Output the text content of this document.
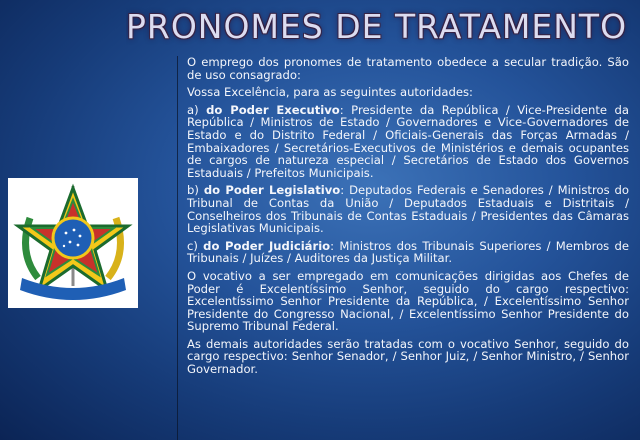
PRONOMES DE TRATAMENTO

O emprego dos pronomes de tratamento obedece a secular tradição. São de uso consagrado:

Vossa Excelência, para as seguintes autoridades:

a) do Poder Executivo: Presidente da República / Vice-Presidente da República / Ministros de Estado / Governadores e Vice-Governadores de Estado e do Distrito Federal / Oficiais-Generais das Forças Armadas / Embaixadores / Secretários-Executivos de Ministérios e demais ocupantes de cargos de natureza especial / Secretários de Estado dos Governos Estaduais / Prefeitos Municipais.

b) do Poder Legislativo: Deputados Federais e Senadores / Ministros do Tribunal de Contas da União / Deputados Estaduais e Distritais / Conselheiros dos Tribunais de Contas Estaduais / Presidentes das Câmaras Legislativas Municipais.

c) do Poder Judiciário: Ministros dos Tribunais Superiores / Membros de Tribunais / Juízes / Auditores da Justiça Militar.

O vocativo a ser empregado em comunicações dirigidas aos Chefes de Poder é Excelentíssimo Senhor, seguido do cargo respectivo: Excelentíssimo Senhor Presidente da República, / Excelentíssimo Senhor Presidente do Congresso Nacional, / Excelentíssimo Senhor Presidente do Supremo Tribunal Federal.

As demais autoridades serão tratadas com o vocativo Senhor, seguido do cargo respectivo: Senhor Senador, / Senhor Juiz, / Senhor Ministro, / Senhor Governador.
